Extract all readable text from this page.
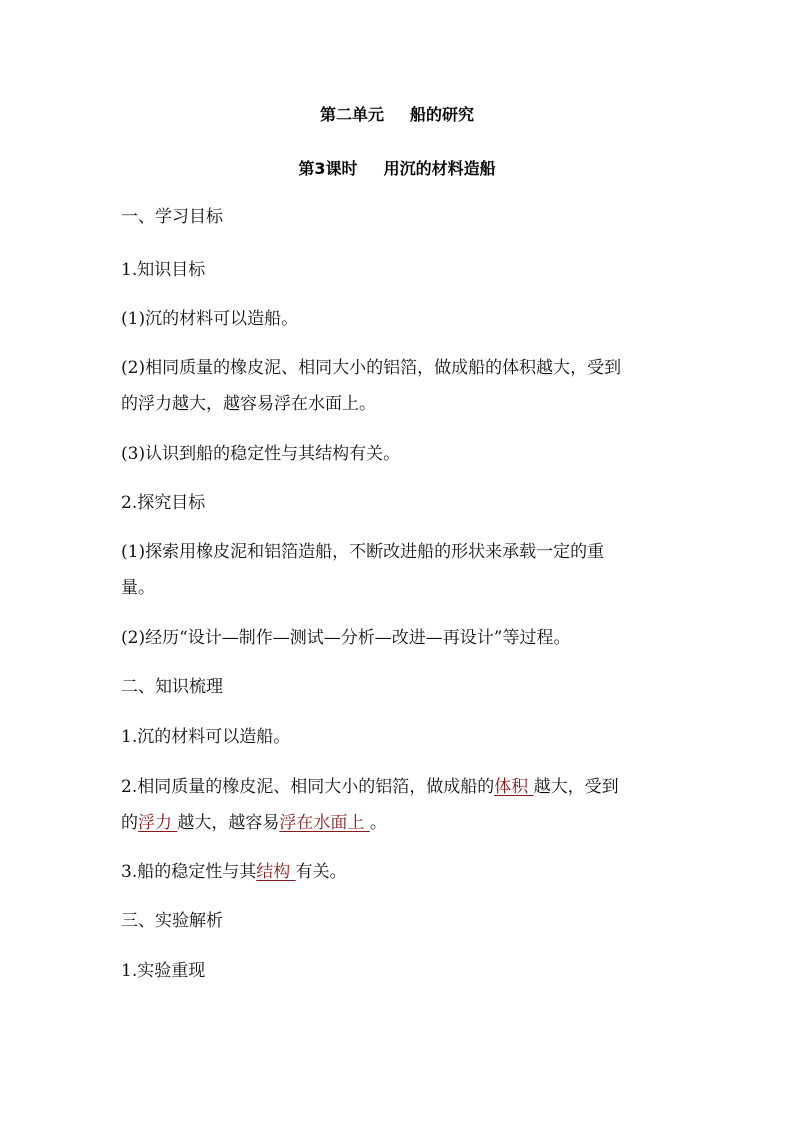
第二单元 船的研究
第3课时 用沉的材料造船
一、学习目标
1.知识目标
(1)沉的材料可以造船。
(2)相同质量的橡皮泥、相同大小的铝箔，做成船的体积越大，受到
的浮力越大，越容易浮在水面上。
(3)认识到船的稳定性与其结构有关。
2.探究目标
(1)探索用橡皮泥和铝箔造船，不断改进船的形状来承载一定的重
量。
(2)经历“设计—制作—测试—分析—改进—再设计”等过程。
二、知识梳理
1.沉的材料可以造船。
2.相同质量的橡皮泥、相同大小的铝箔，做成船的体积 越大，受到
的浮力 越大，越容易浮在水面上 。
3.船的稳定性与其结构 有关。
三、实验解析
1.实验重现
